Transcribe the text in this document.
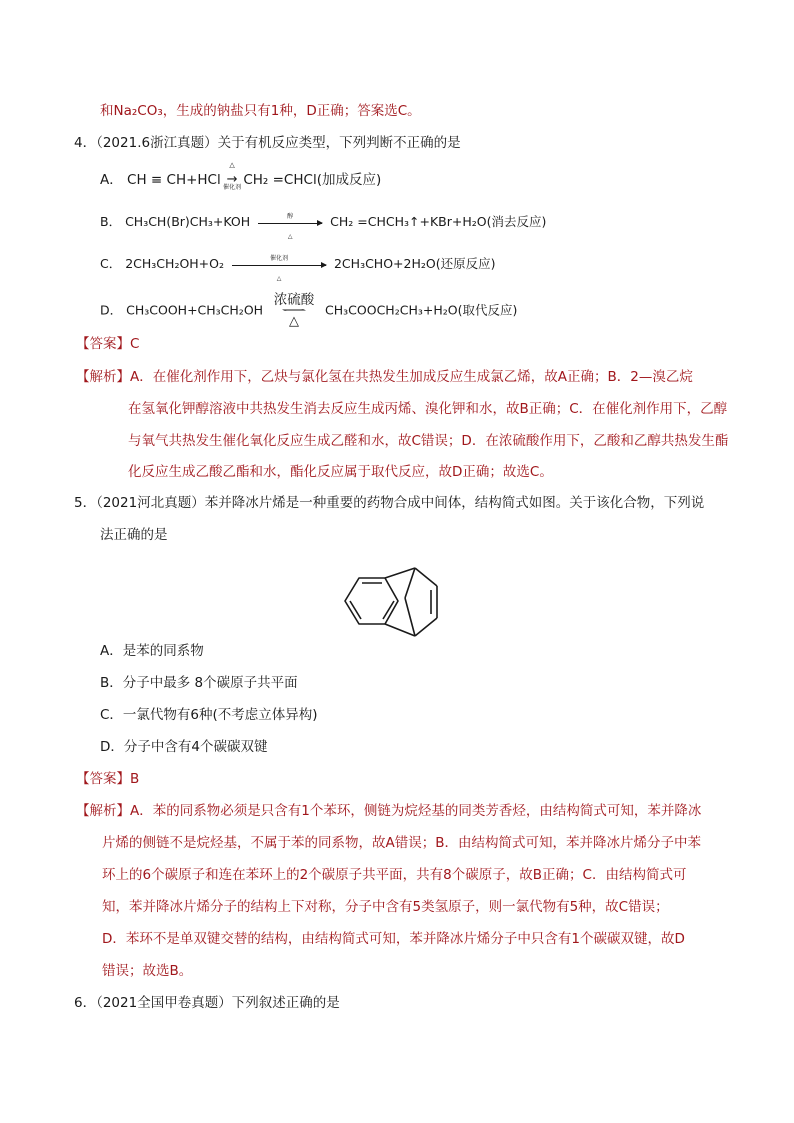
和Na₂CO₃，生成的钠盐只有1种，D正确；答案选C。
4．（2021.6浙江真题）关于有机反应类型，下列判断不正确的是
A． CH ≡ CH+HCl
△
→
催化剂 CH₂ =CHCl(加成反应)
B． CH₃CH(Br)CH₃+KOH	醇
△
CH₂ =CHCH₃↑+KBr+H₂O(消去反应)
C． 2CH₃CH₂OH+O₂	催化剂
△
2CH₃CHO+2H₂O(还原反应)
D． CH₃COOH+CH₃CH₂OH
浓硫酸
△
CH₃COOCH₂CH₃+H₂O(取代反应)
【答案】C
【解析】A．在催化剂作用下，乙炔与氯化氢在共热发生加成反应生成氯乙烯，故A正确；B．2—溴乙烷
在氢氧化钾醇溶液中共热发生消去反应生成丙烯、溴化钾和水，故B正确；C．在催化剂作用下，乙醇
与氧气共热发生催化氧化反应生成乙醛和水，故C错误；D．在浓硫酸作用下，乙酸和乙醇共热发生酯
化反应生成乙酸乙酯和水，酯化反应属于取代反应，故D正确；故选C。
5．（2021河北真题）苯并降冰片烯是一种重要的药物合成中间体，结构简式如图。关于该化合物，下列说
法正确的是
A．是苯的同系物
B．分子中最多 8个碳原子共平面
C．一氯代物有6种(不考虑立体异构)
D．分子中含有4个碳碳双键
【答案】B
【解析】A．苯的同系物必须是只含有1个苯环，侧链为烷烃基的同类芳香烃，由结构简式可知，苯并降冰
片烯的侧链不是烷烃基，不属于苯的同系物，故A错误；B．由结构简式可知，苯并降冰片烯分子中苯
环上的6个碳原子和连在苯环上的2个碳原子共平面，共有8个碳原子，故B正确；C．由结构简式可
知，苯并降冰片烯分子的结构上下对称，分子中含有5类氢原子，则一氯代物有5种，故C错误；
D．苯环不是单双键交替的结构，由结构简式可知，苯并降冰片烯分子中只含有1个碳碳双键，故D
错误；故选B。
6．（2021全国甲卷真题）下列叙述正确的是
